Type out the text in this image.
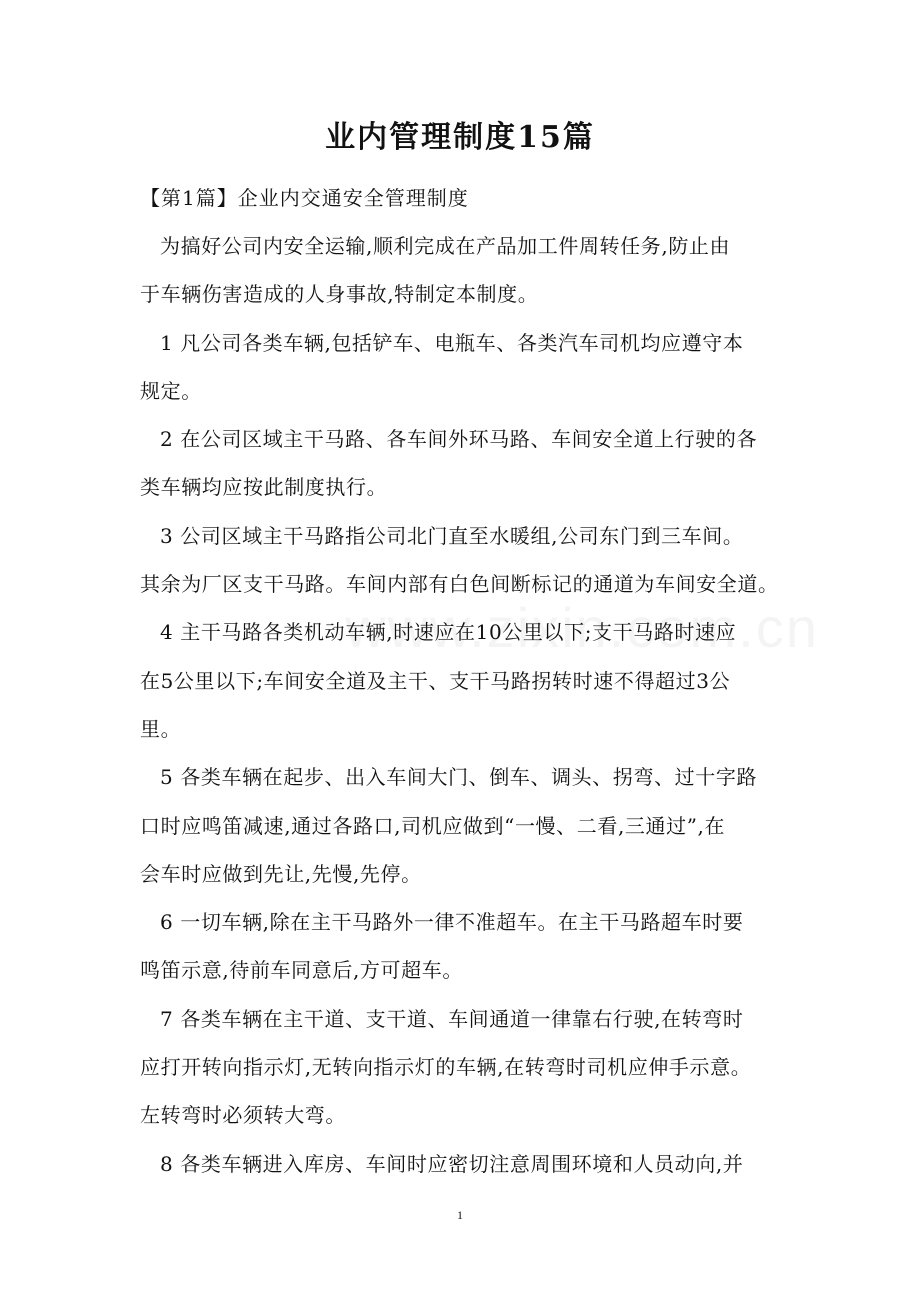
业内管理制度15篇
【第1篇】企业内交通安全管理制度
为搞好公司内安全运输,顺利完成在产品加工件周转任务,防止由
于车辆伤害造成的人身事故,特制定本制度。
1 凡公司各类车辆,包括铲车、电瓶车、各类汽车司机均应遵守本
规定。
2 在公司区域主干马路、各车间外环马路、车间安全道上行驶的各
类车辆均应按此制度执行。
3 公司区域主干马路指公司北门直至水暖组,公司东门到三车间。
其余为厂区支干马路。车间内部有白色间断标记的通道为车间安全道。
4 主干马路各类机动车辆,时速应在10公里以下;支干马路时速应
在5公里以下;车间安全道及主干、支干马路拐转时速不得超过3公
里。
5 各类车辆在起步、出入车间大门、倒车、调头、拐弯、过十字路
口时应鸣笛减速,通过各路口,司机应做到“一慢、二看,三通过”,在
会车时应做到先让,先慢,先停。
6 一切车辆,除在主干马路外一律不准超车。在主干马路超车时要
鸣笛示意,待前车同意后,方可超车。
7 各类车辆在主干道、支干道、车间通道一律靠右行驶,在转弯时
应打开转向指示灯,无转向指示灯的车辆,在转弯时司机应伸手示意。
左转弯时必须转大弯。
8 各类车辆进入库房、车间时应密切注意周围环境和人员动向,并
1
